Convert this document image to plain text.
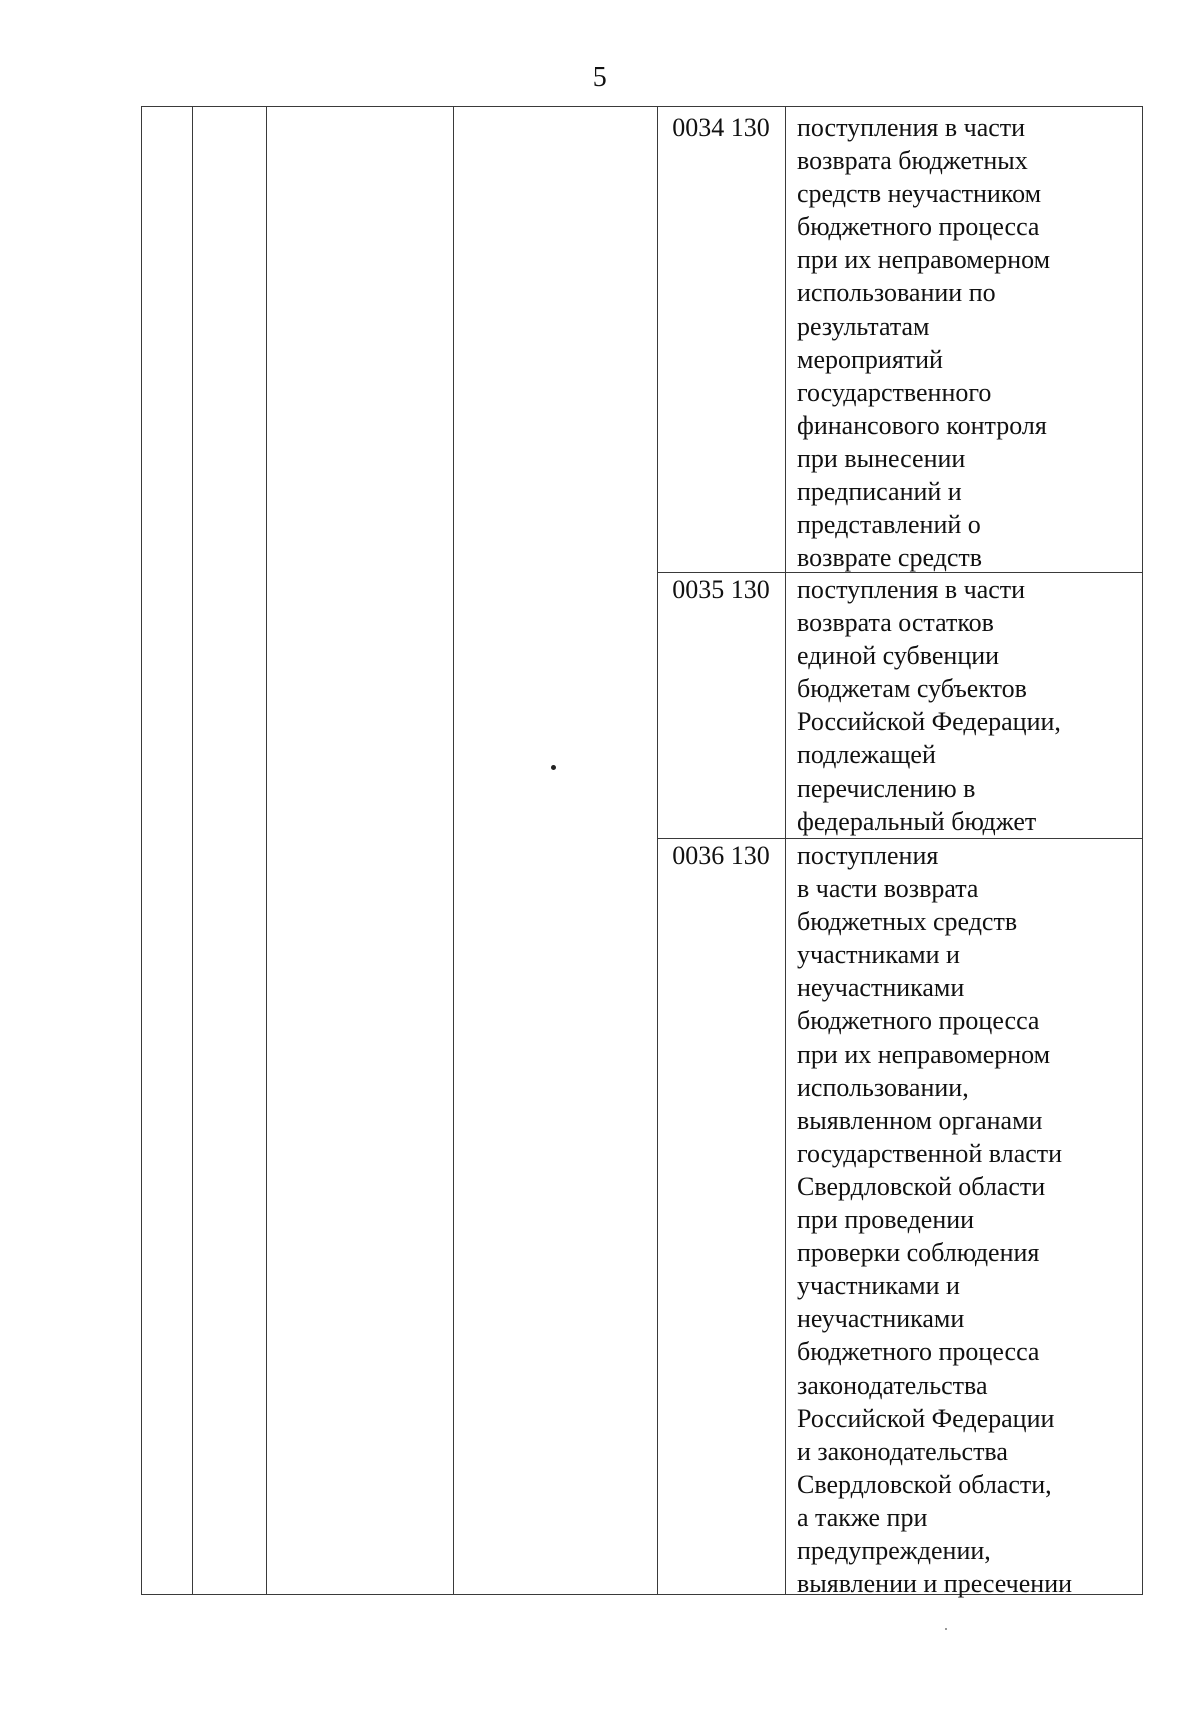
5
0034 130	поступления в части
возврата бюджетных
средств неучастником
бюджетного процесса
при их неправомерном
использовании по
результатам
мероприятий
государственного
финансового контроля
при вынесении
предписаний и
представлений о
возврате средств
0035 130	поступления в части
возврата остатков
единой субвенции
бюджетам субъектов
Российской Федерации,
подлежащей
перечислению в
федеральный бюджет
0036 130	поступления
в части возврата
бюджетных средств
участниками и
неучастниками
бюджетного процесса
при их неправомерном
использовании,
выявленном органами
государственной власти
Свердловской области
при проведении
проверки соблюдения
участниками и
неучастниками
бюджетного процесса
законодательства
Российской Федерации
и законодательства
Свердловской области,
а также при
предупреждении,
выявлении и пресечении
